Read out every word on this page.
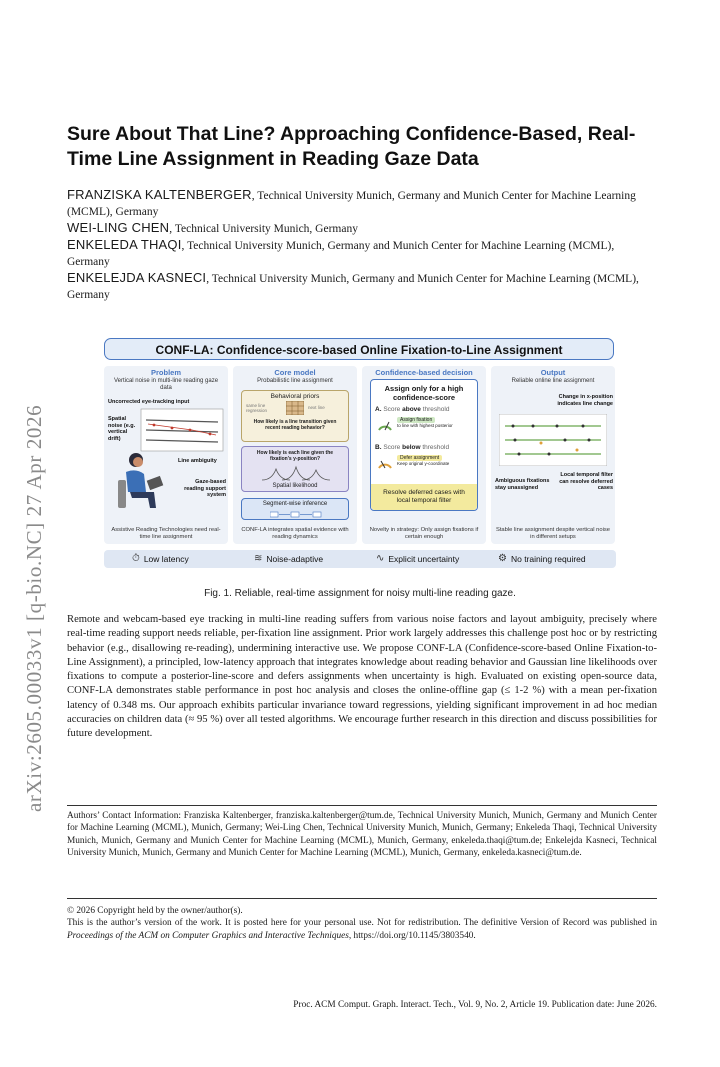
arXiv:2605.00033v1 [q-bio.NC] 27 Apr 2026
Sure About That Line? Approaching Confidence-Based, Real-Time Line Assignment in Reading Gaze Data

FRANZISKA KALTENBERGER, Technical University Munich, Germany and Munich Center for Machine Learning (MCML), Germany

WEI-LING CHEN, Technical University Munich, Germany

ENKELEDA THAQI, Technical University Munich, Germany and Munich Center for Machine Learning (MCML), Germany

ENKELEJDA KASNECI, Technical University Munich, Germany and Munich Center for Machine Learning (MCML), Germany

CONF-LA: Confidence-score-based Online Fixation-to-Line Assignment
Problem
Vertical noise in multi-line reading gaze data
Uncorrected eye-tracking input
Spatial noise (e.g. vertical drift)
Line ambiguity
Gaze-based reading support system
Assistive Reading Technologies need real-time line assignment
Core model
Probabilistic line assignment
Behavioral priors
same line
regression
next line
How likely is a line transition given recent reading behavior?
How likely is each line given the fixation's y-position?
Spatial likelihood
Segment-wise inference
CONF-LA integrates spatial evidence with reading dynamics
Confidence-based decision
Assign only for a high confidence-score
A. Score above threshold
Assign fixation
to line with highest posterior
B. Score below threshold
Defer assignment
Keep original y-coordinate
Resolve deferred cases with local temporal filter
Novelty in strategy: Only assign fixations if certain enough
Output
Reliable online line assignment
Change in x-position indicates line change
Ambiguous fixations stay unassigned
Local temporal filter can resolve deferred cases
Stable line assignment despite vertical noise in different setups
⏱ Low latency	≋ Noise-adaptive	∿ Explicit uncertainty	⚙ No training required
Fig. 1. Reliable, real-time assignment for noisy multi-line reading gaze.
Remote and webcam-based eye tracking in multi-line reading suffers from various noise factors and layout ambiguity, precisely where real-time reading support needs reliable, per-fixation line assignment. Prior work largely addresses this challenge post hoc or by restricting behavior (e.g., disallowing re-reading), undermining interactive use. We propose CONF-LA (Confidence-score-based Online Fixation-to-Line Assignment), a principled, low-latency approach that integrates knowledge about reading behavior and Gaussian line likelihoods over fixations to compute a posterior-line-score and defers assignments when uncertainty is high. Evaluated on existing open-source data, CONF-LA demonstrates stable performance in post hoc analysis and closes the online-offline gap (≤ 1-2 %) with a mean per-fixation latency of 0.348 ms. Our approach exhibits particular invariance toward regressions, yielding significant improvement in ad hoc median accuracies on children data (≈ 95 %) over all tested algorithms. We encourage further research in this direction and discuss possibilities for future development.
Authors’ Contact Information: Franziska Kaltenberger, franziska.kaltenberger@tum.de, Technical University Munich, Munich, Germany and Munich Center for Machine Learning (MCML), Munich, Germany; Wei-Ling Chen, Technical University Munich, Munich, Germany; Enkeleda Thaqi, Technical University Munich, Munich, Germany and Munich Center for Machine Learning (MCML), Munich, Germany, enkeleda.thaqi@tum.de; Enkelejda Kasneci, Technical University Munich, Munich, Germany and Munich Center for Machine Learning (MCML), Munich, Germany, enkeleda.kasneci@tum.de.
© 2026 Copyright held by the owner/author(s).
This is the author’s version of the work. It is posted here for your personal use. Not for redistribution. The definitive Version of Record was published in Proceedings of the ACM on Computer Graphics and Interactive Techniques, https://doi.org/10.1145/3803540.
Proc. ACM Comput. Graph. Interact. Tech., Vol. 9, No. 2, Article 19. Publication date: June 2026.
